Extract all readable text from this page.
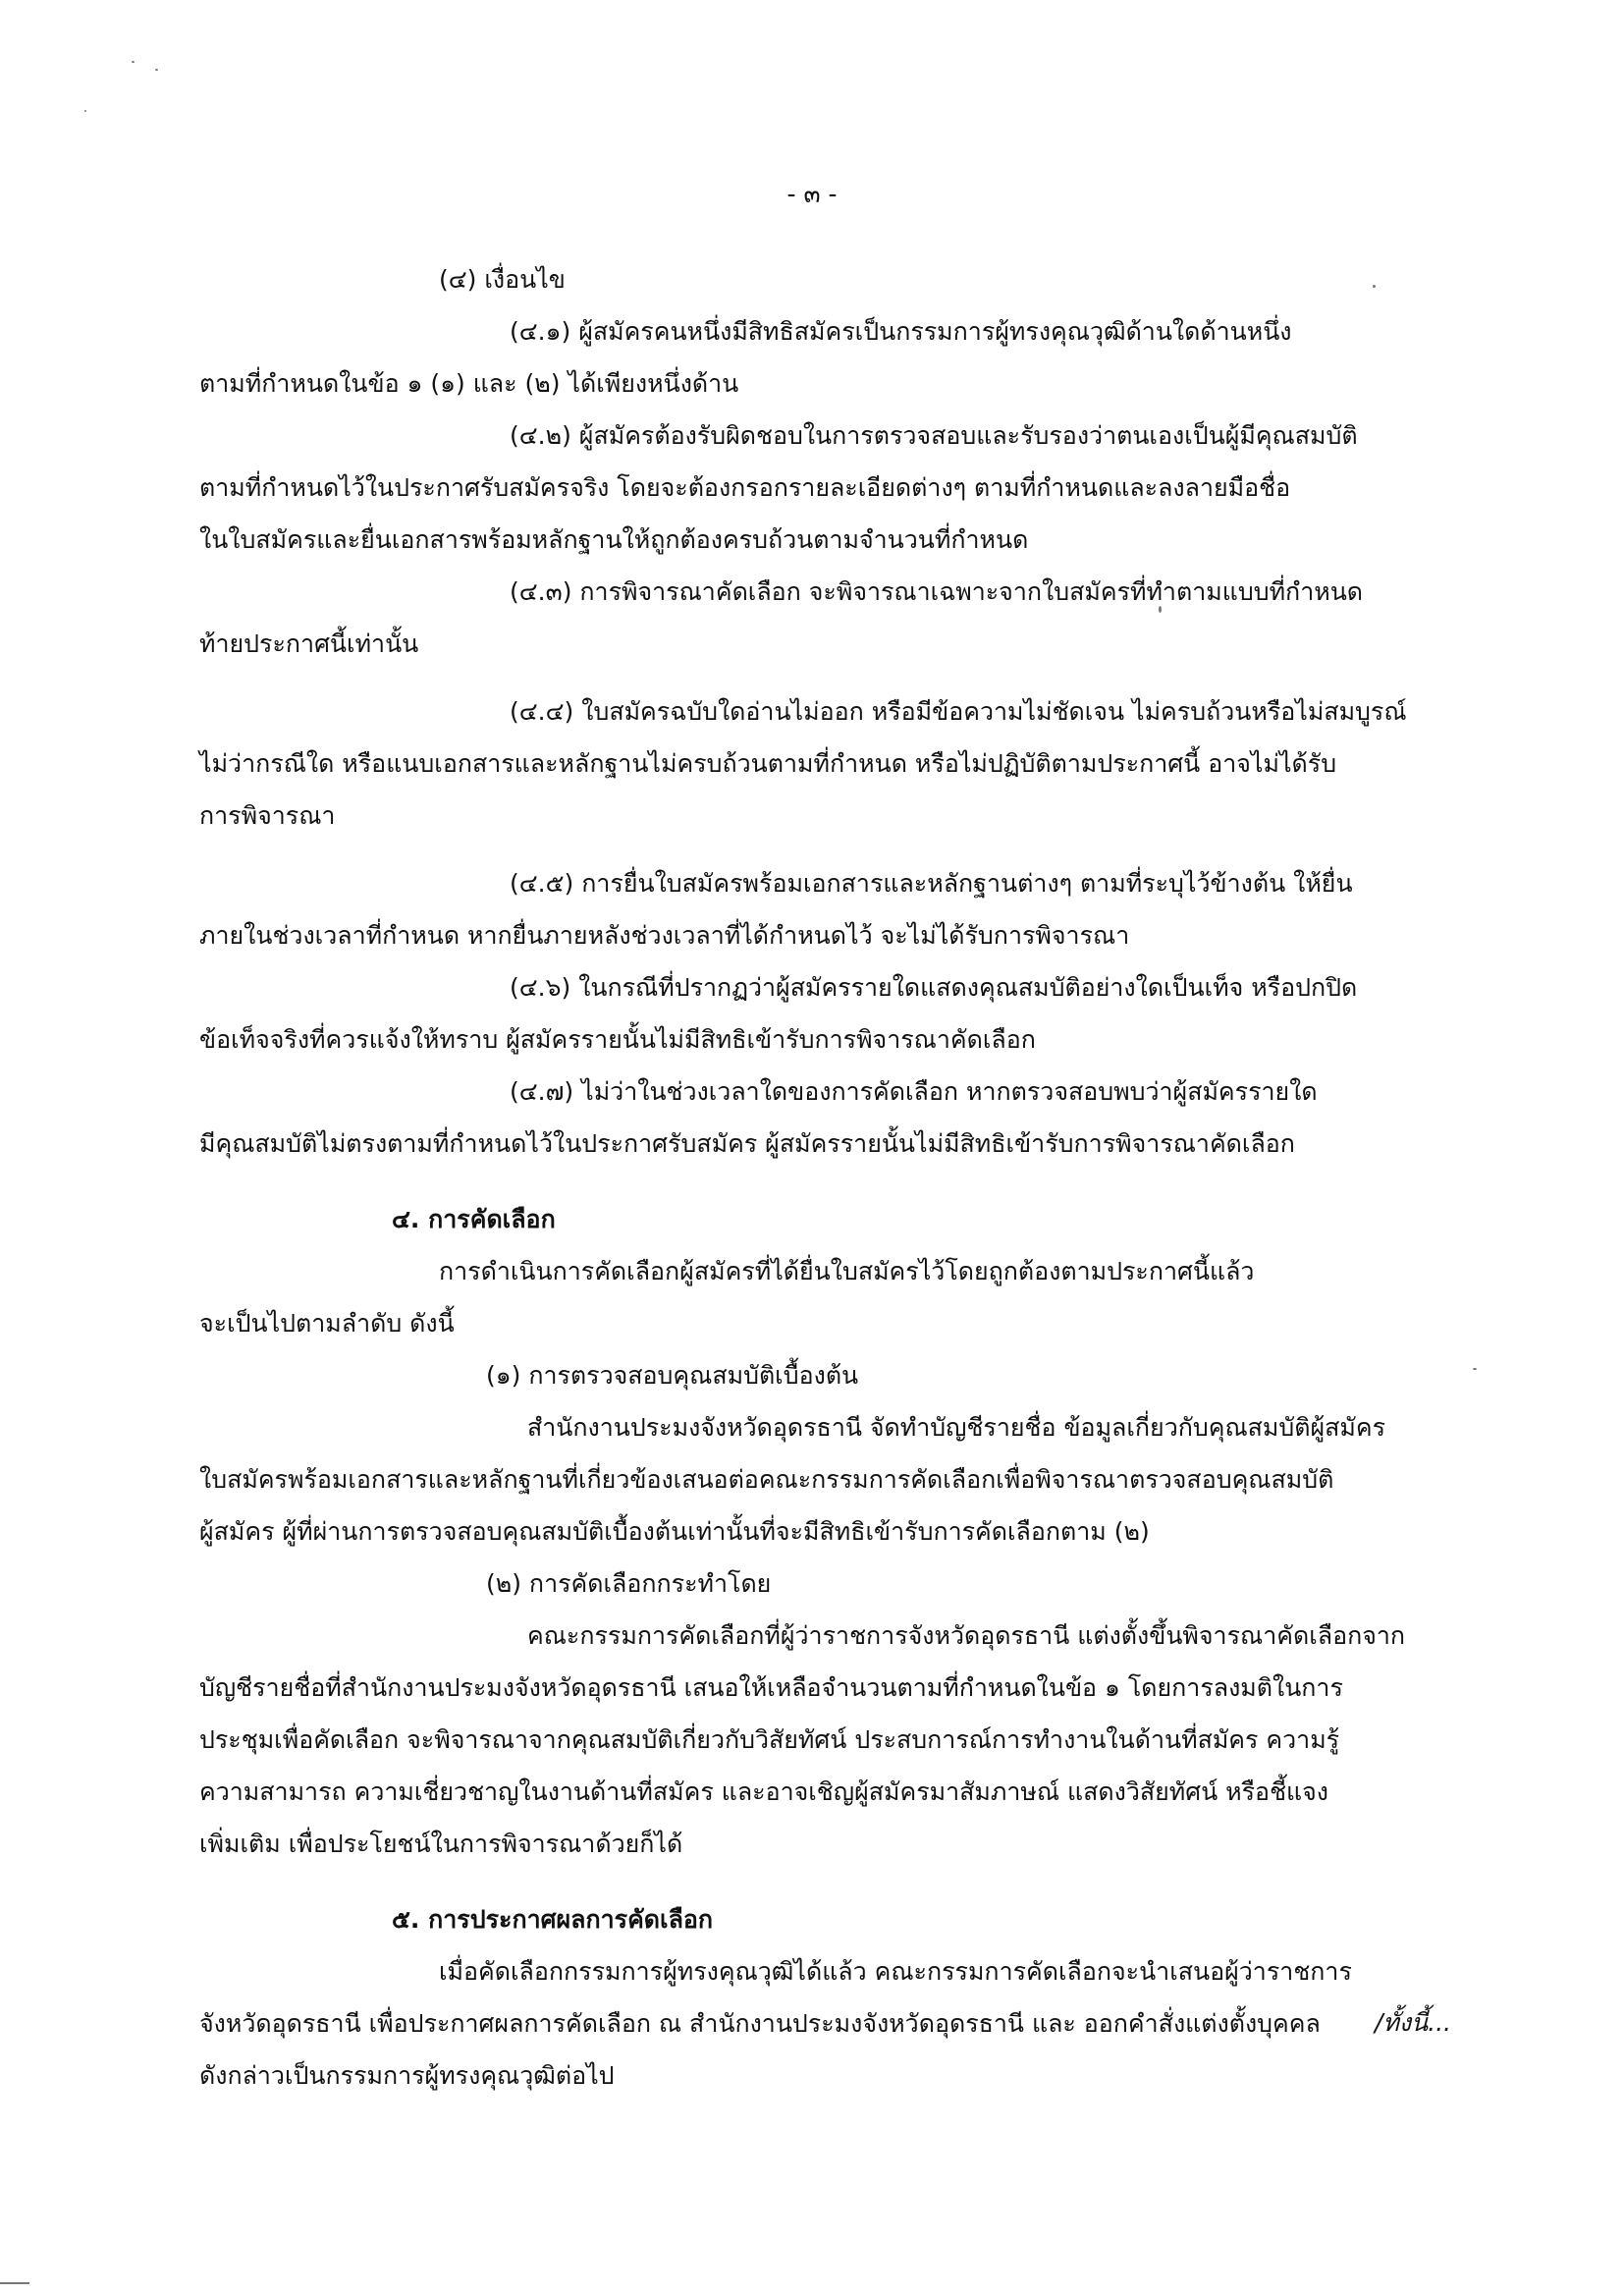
- ๓ -

(๔) เงื่อนไข

(๔.๑) ผู้สมัครคนหนึ่งมีสิทธิสมัครเป็นกรรมการผู้ทรงคุณวุฒิด้านใดด้านหนึ่ง

ตามที่กำหนดในข้อ ๑ (๑) และ (๒) ได้เพียงหนึ่งด้าน

(๔.๒) ผู้สมัครต้องรับผิดชอบในการตรวจสอบและรับรองว่าตนเองเป็นผู้มีคุณสมบัติ

ตามที่กำหนดไว้ในประกาศรับสมัครจริง โดยจะต้องกรอกรายละเอียดต่างๆ ตามที่กำหนดและลงลายมือชื่อ

ในใบสมัครและยื่นเอกสารพร้อมหลักฐานให้ถูกต้องครบถ้วนตามจำนวนที่กำหนด

(๔.๓) การพิจารณาคัดเลือก จะพิจารณาเฉพาะจากใบสมัครที่ทำตามแบบที่กำหนด

ท้ายประกาศนี้เท่านั้น

(๔.๔) ใบสมัครฉบับใดอ่านไม่ออก หรือมีข้อความไม่ชัดเจน ไม่ครบถ้วนหรือไม่สมบูรณ์

ไม่ว่ากรณีใด หรือแนบเอกสารและหลักฐานไม่ครบถ้วนตามที่กำหนด หรือไม่ปฏิบัติตามประกาศนี้ อาจไม่ได้รับ

การพิจารณา

(๔.๕) การยื่นใบสมัครพร้อมเอกสารและหลักฐานต่างๆ ตามที่ระบุไว้ข้างต้น ให้ยื่น

ภายในช่วงเวลาที่กำหนด หากยื่นภายหลังช่วงเวลาที่ได้กำหนดไว้ จะไม่ได้รับการพิจารณา

(๔.๖) ในกรณีที่ปรากฏว่าผู้สมัครรายใดแสดงคุณสมบัติอย่างใดเป็นเท็จ หรือปกปิด

ข้อเท็จจริงที่ควรแจ้งให้ทราบ ผู้สมัครรายนั้นไม่มีสิทธิเข้ารับการพิจารณาคัดเลือก

(๔.๗) ไม่ว่าในช่วงเวลาใดของการคัดเลือก หากตรวจสอบพบว่าผู้สมัครรายใด

มีคุณสมบัติไม่ตรงตามที่กำหนดไว้ในประกาศรับสมัคร ผู้สมัครรายนั้นไม่มีสิทธิเข้ารับการพิจารณาคัดเลือก

๔. การคัดเลือก

การดำเนินการคัดเลือกผู้สมัครที่ได้ยื่นใบสมัครไว้โดยถูกต้องตามประกาศนี้แล้ว

จะเป็นไปตามลำดับ ดังนี้

(๑) การตรวจสอบคุณสมบัติเบื้องต้น

สำนักงานประมงจังหวัดอุดรธานี จัดทำบัญชีรายชื่อ ข้อมูลเกี่ยวกับคุณสมบัติผู้สมัคร

ใบสมัครพร้อมเอกสารและหลักฐานที่เกี่ยวข้องเสนอต่อคณะกรรมการคัดเลือกเพื่อพิจารณาตรวจสอบคุณสมบัติ

ผู้สมัคร ผู้ที่ผ่านการตรวจสอบคุณสมบัติเบื้องต้นเท่านั้นที่จะมีสิทธิเข้ารับการคัดเลือกตาม (๒)

(๒) การคัดเลือกกระทำโดย

คณะกรรมการคัดเลือกที่ผู้ว่าราชการจังหวัดอุดรธานี แต่งตั้งขึ้นพิจารณาคัดเลือกจาก

บัญชีรายชื่อที่สำนักงานประมงจังหวัดอุดรธานี เสนอให้เหลือจำนวนตามที่กำหนดในข้อ ๑ โดยการลงมติในการ

ประชุมเพื่อคัดเลือก จะพิจารณาจากคุณสมบัติเกี่ยวกับวิสัยทัศน์ ประสบการณ์การทำงานในด้านที่สมัคร ความรู้

ความสามารถ ความเชี่ยวชาญในงานด้านที่สมัคร และอาจเชิญผู้สมัครมาสัมภาษณ์ แสดงวิสัยทัศน์ หรือชี้แจง

เพิ่มเติม เพื่อประโยชน์ในการพิจารณาด้วยก็ได้

๕. การประกาศผลการคัดเลือก

เมื่อคัดเลือกกรรมการผู้ทรงคุณวุฒิได้แล้ว คณะกรรมการคัดเลือกจะนำเสนอผู้ว่าราชการ

จังหวัดอุดรธานี เพื่อประกาศผลการคัดเลือก ณ สำนักงานประมงจังหวัดอุดรธานี และ ออกคำสั่งแต่งตั้งบุคคล

ดังกล่าวเป็นกรรมการผู้ทรงคุณวุฒิต่อไป

/ทั้งนี้...
